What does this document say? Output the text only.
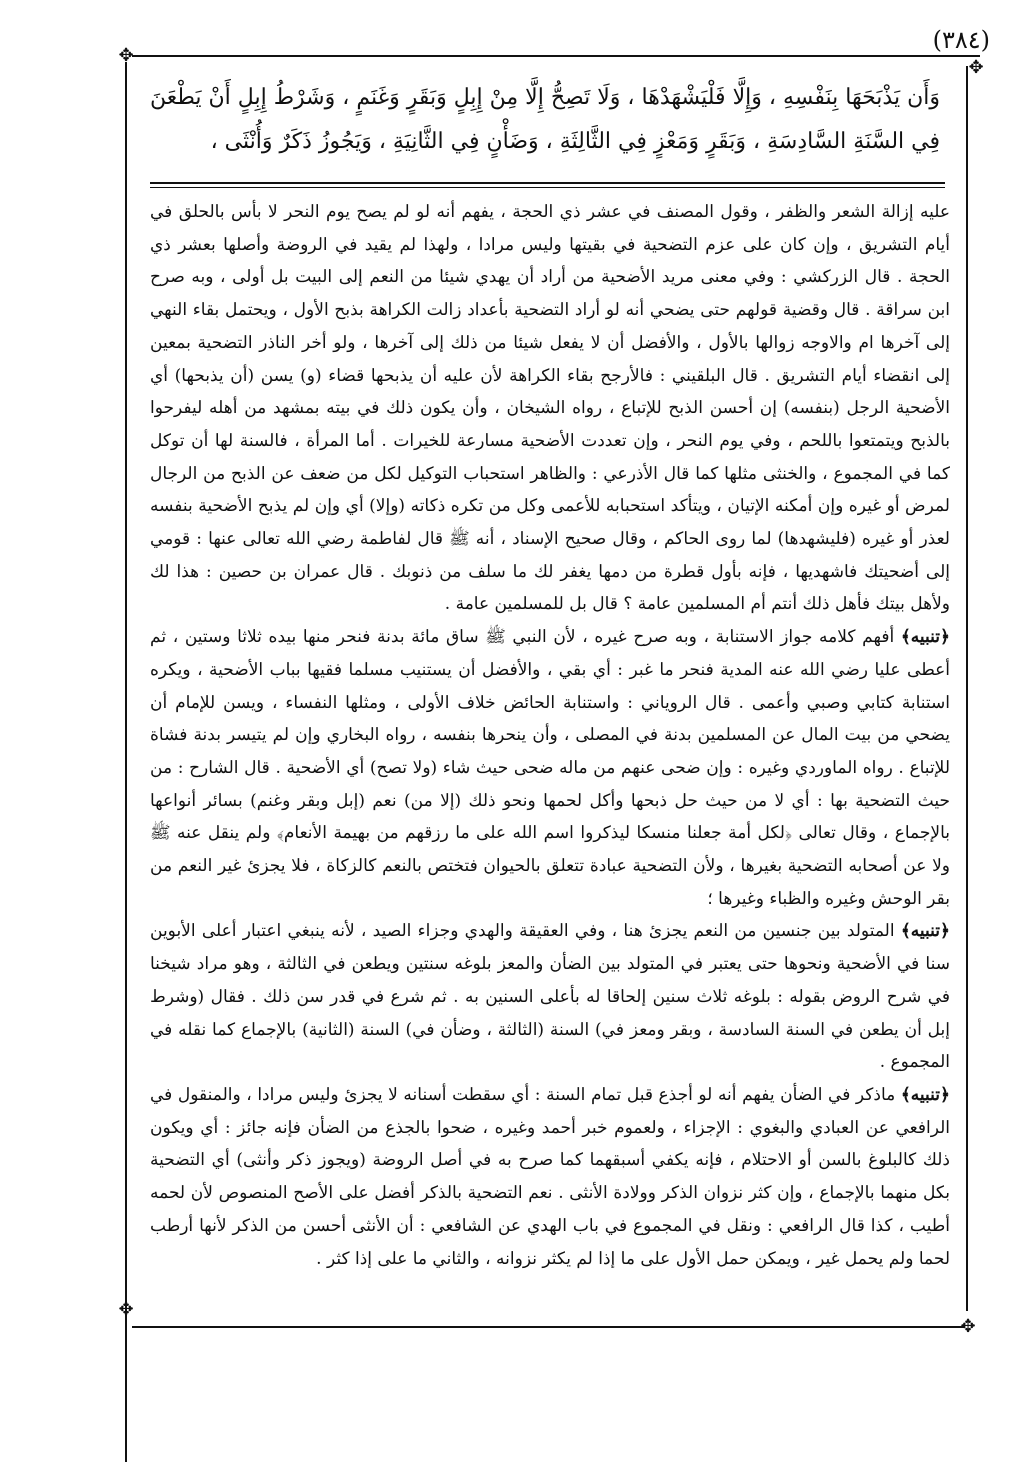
✥
✥
✥
✥
(٣٨٤)

وَأَن يَذْبَحَهَا بِنَفْسِهِ ، وَإِلَّا فَلْيَشْهَدْهَا ، وَلَا تَصِحُّ إِلَّا مِنْ إِبِلٍ وَبَقَرٍ وَغَنَمٍ ، وَشَرْطُ إِبِلٍ أَنْ يَطْعَنَ فِي السَّنَةِ السَّادِسَةِ ، وَبَقَرٍ وَمَعْزٍ فِي الثَّالِثَةِ ، وَضَأْنٍ فِي الثَّانِيَةِ ، وَيَجُوزُ ذَكَرٌ وَأُنْثَى ،

عليه إزالة الشعر والظفر ، وقول المصنف في عشر ذي الحجة ، يفهم أنه لو لم يصح يوم النحر لا بأس بالحلق في أيام التشريق ، وإن كان على عزم التضحية في بقيتها وليس مرادا ، ولهذا لم يقيد في الروضة وأصلها بعشر ذي الحجة . قال الزركشي : وفي معنى مريد الأضحية من أراد أن يهدي شيئا من النعم إلى البيت بل أولى ، وبه صرح ابن سراقة . قال وقضية قولهم حتى يضحي أنه لو أراد التضحية بأعداد زالت الكراهة بذبح الأول ، ويحتمل بقاء النهي إلى آخرها ام والاوجه زوالها بالأول ، والأفضل أن لا يفعل شيئا من ذلك إلى آخرها ، ولو أخر الناذر التضحية بمعين إلى انقضاء أيام التشريق . قال البلقيني : فالأرجح بقاء الكراهة لأن عليه أن يذبحها قضاء (و) يسن (أن يذبحها) أي الأضحية الرجل (بنفسه) إن أحسن الذبح للإتباع ، رواه الشيخان ، وأن يكون ذلك في بيته بمشهد من أهله ليفرحوا بالذبح ويتمتعوا باللحم ، وفي يوم النحر ، وإن تعددت الأضحية مسارعة للخيرات . أما المرأة ، فالسنة لها أن توكل كما في المجموع ، والخنثى مثلها كما قال الأذرعي : والظاهر استحباب التوكيل لكل من ضعف عن الذبح من الرجال لمرض أو غيره وإن أمكنه الإتيان ، ويتأكد استحبابه للأعمى وكل من تكره ذكاته (وإلا) أي وإن لم يذبح الأضحية بنفسه لعذر أو غيره (فليشهدها) لما روى الحاكم ، وقال صحيح الإسناد ، أنه ﷺ قال لفاطمة رضي الله تعالى عنها : قومي إلى أضحيتك فاشهديها ، فإنه بأول قطرة من دمها يغفر لك ما سلف من ذنوبك . قال عمران بن حصين : هذا لك ولأهل بيتك فأهل ذلك أنتم أم المسلمين عامة ؟ قال بل للمسلمين عامة .

﴿تنبيه﴾ أفهم كلامه جواز الاستنابة ، وبه صرح غيره ، لأن النبي ﷺ ساق مائة بدنة فنحر منها بيده ثلاثا وستين ، ثم أعطى عليا رضي الله عنه المدية فنحر ما غبر : أي بقي ، والأفضل أن يستنيب مسلما فقيها بباب الأضحية ، ويكره استنابة كتابي وصبي وأعمى . قال الروياني : واستنابة الحائض خلاف الأولى ، ومثلها النفساء ، ويسن للإمام أن يضحي من بيت المال عن المسلمين بدنة في المصلى ، وأن ينحرها بنفسه ، رواه البخاري وإن لم يتيسر بدنة فشاة للإتباع . رواه الماوردي وغيره : وإن ضحى عنهم من ماله ضحى حيث شاء (ولا تصح) أي الأضحية . قال الشارح : من حيث التضحية بها : أي لا من حيث حل ذبحها وأكل لحمها ونحو ذلك (إلا من) نعم (إبل وبقر وغنم) بسائر أنواعها بالإجماع ، وقال تعالى ﴿لكل أمة جعلنا منسكا ليذكروا اسم الله على ما رزقهم من بهيمة الأنعام﴾ ولم ينقل عنه ﷺ ولا عن أصحابه التضحية بغيرها ، ولأن التضحية عبادة تتعلق بالحيوان فتختص بالنعم كالزكاة ، فلا يجزئ غير النعم من بقر الوحش وغيره والظباء وغيرها ؛

﴿تنبيه﴾ المتولد بين جنسين من النعم يجزئ هنا ، وفي العقيقة والهدي وجزاء الصيد ، لأنه ينبغي اعتبار أعلى الأبوين سنا في الأضحية ونحوها حتى يعتبر في المتولد بين الضأن والمعز بلوغه سنتين ويطعن في الثالثة ، وهو مراد شيخنا في شرح الروض بقوله : بلوغه ثلاث سنين إلحاقا له بأعلى السنين به . ثم شرع في قدر سن ذلك . فقال (وشرط إبل أن يطعن في السنة السادسة ، وبقر ومعز في) السنة (الثالثة ، وضأن في) السنة (الثانية) بالإجماع كما نقله في المجموع .

﴿تنبيه﴾ ماذكر في الضأن يفهم أنه لو أجذع قبل تمام السنة : أي سقطت أسنانه لا يجزئ وليس مرادا ، والمنقول في الرافعي عن العبادي والبغوي : الإجزاء ، ولعموم خبر أحمد وغيره ، ضحوا بالجذع من الضأن فإنه جائز : أي ويكون ذلك كالبلوغ بالسن أو الاحتلام ، فإنه يكفي أسبقهما كما صرح به في أصل الروضة (ويجوز ذكر وأنثى) أي التضحية بكل منهما بالإجماع ، وإن كثر نزوان الذكر وولادة الأنثى . نعم التضحية بالذكر أفضل على الأصح المنصوص لأن لحمه أطيب ، كذا قال الرافعي : ونقل في المجموع في باب الهدي عن الشافعي : أن الأنثى أحسن من الذكر لأنها أرطب لحما ولم يحمل غير ، ويمكن حمل الأول على ما إذا لم يكثر نزوانه ، والثاني ما على إذا كثر .
